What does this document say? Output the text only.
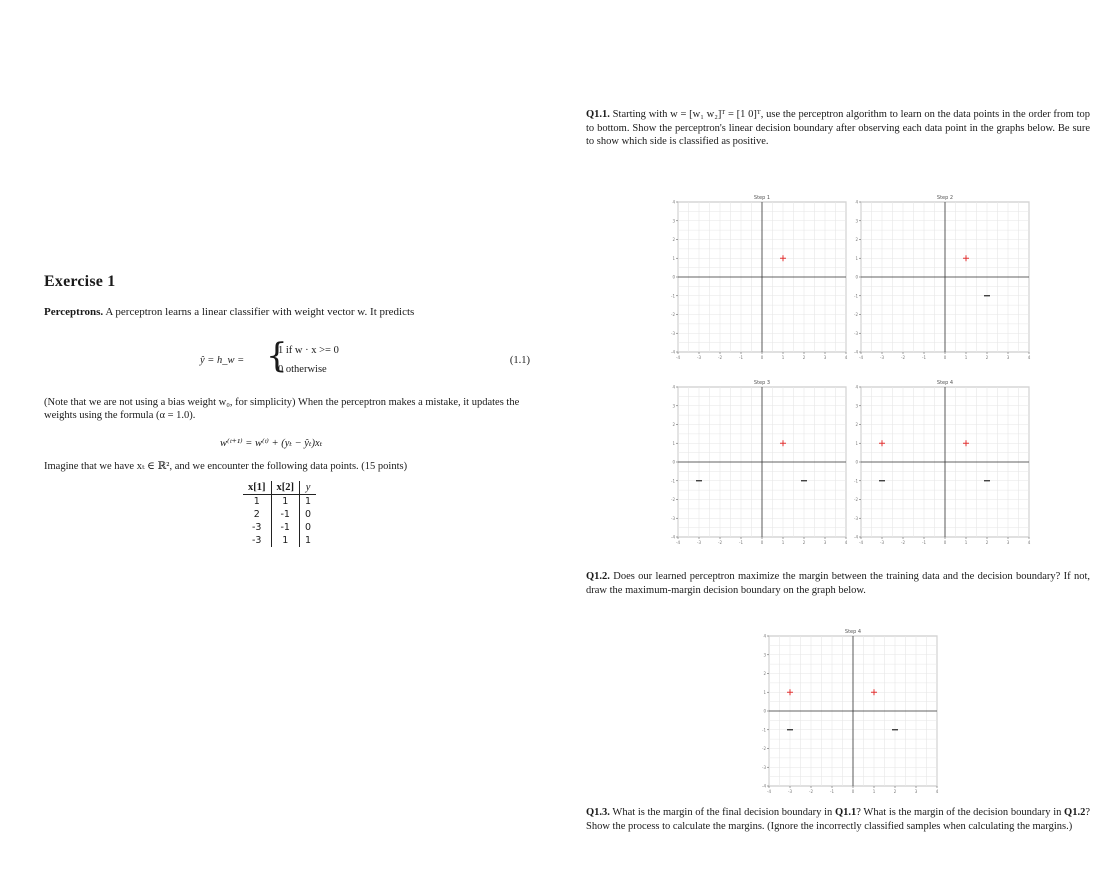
Exercise 1
Perceptrons. A perceptron learns a linear classifier with weight vector w. It predicts
ŷ = h_w = {
1 if w · x >= 0
0 otherwise
(1.1)
(Note that we are not using a bias weight w₀, for simplicity) When the perceptron makes a mistake, it updates the weights using the formula (α = 1.0).
w⁽ᵗ⁺¹⁾ = w⁽ᵗ⁾ + (yₜ − ŷₜ)xₜ
Imagine that we have xₜ ∈ ℝ², and we encounter the following data points. (15 points)
x[1]	x[2]	y
1	1	1
2	-1	0
-3	-1	0
-3	1	1
Q1.1. Starting with w = [w₁ w₂]ᵀ = [1 0]ᵀ, use the perceptron algorithm to learn on the data points in the order from top to bottom. Show the perceptron's linear decision boundary after observing each data point in the graphs below. Be sure to show which side is classified as positive.
Step 1
-4	-3	-2	-1	0	1	2	3	4
-4
-3
-2
-1
0
1
2
3
4
Step 2
-4	-3	-2	-1	0	1	2	3	4
-4
-3
-2
-1
0
1
2
3
4
Step 3
-4	-3	-2	-1	0	1	2	3	4
-4
-3
-2
-1
0
1
2
3
4
Step 4
-4	-3	-2	-1	0	1	2	3	4
-4
-3
-2
-1
0
1
2
3
4
Q1.2. Does our learned perceptron maximize the margin between the training data and the decision boundary? If not, draw the maximum-margin decision boundary on the graph below.
Step 4
-4	-3	-2	-1	0	1	2	3	4
-4
-3
-2
-1
0
1
2
3
4
Q1.3. What is the margin of the final decision boundary in Q1.1? What is the margin of the decision boundary in Q1.2? Show the process to calculate the margins. (Ignore the incorrectly classified samples when calculating the margins.)
